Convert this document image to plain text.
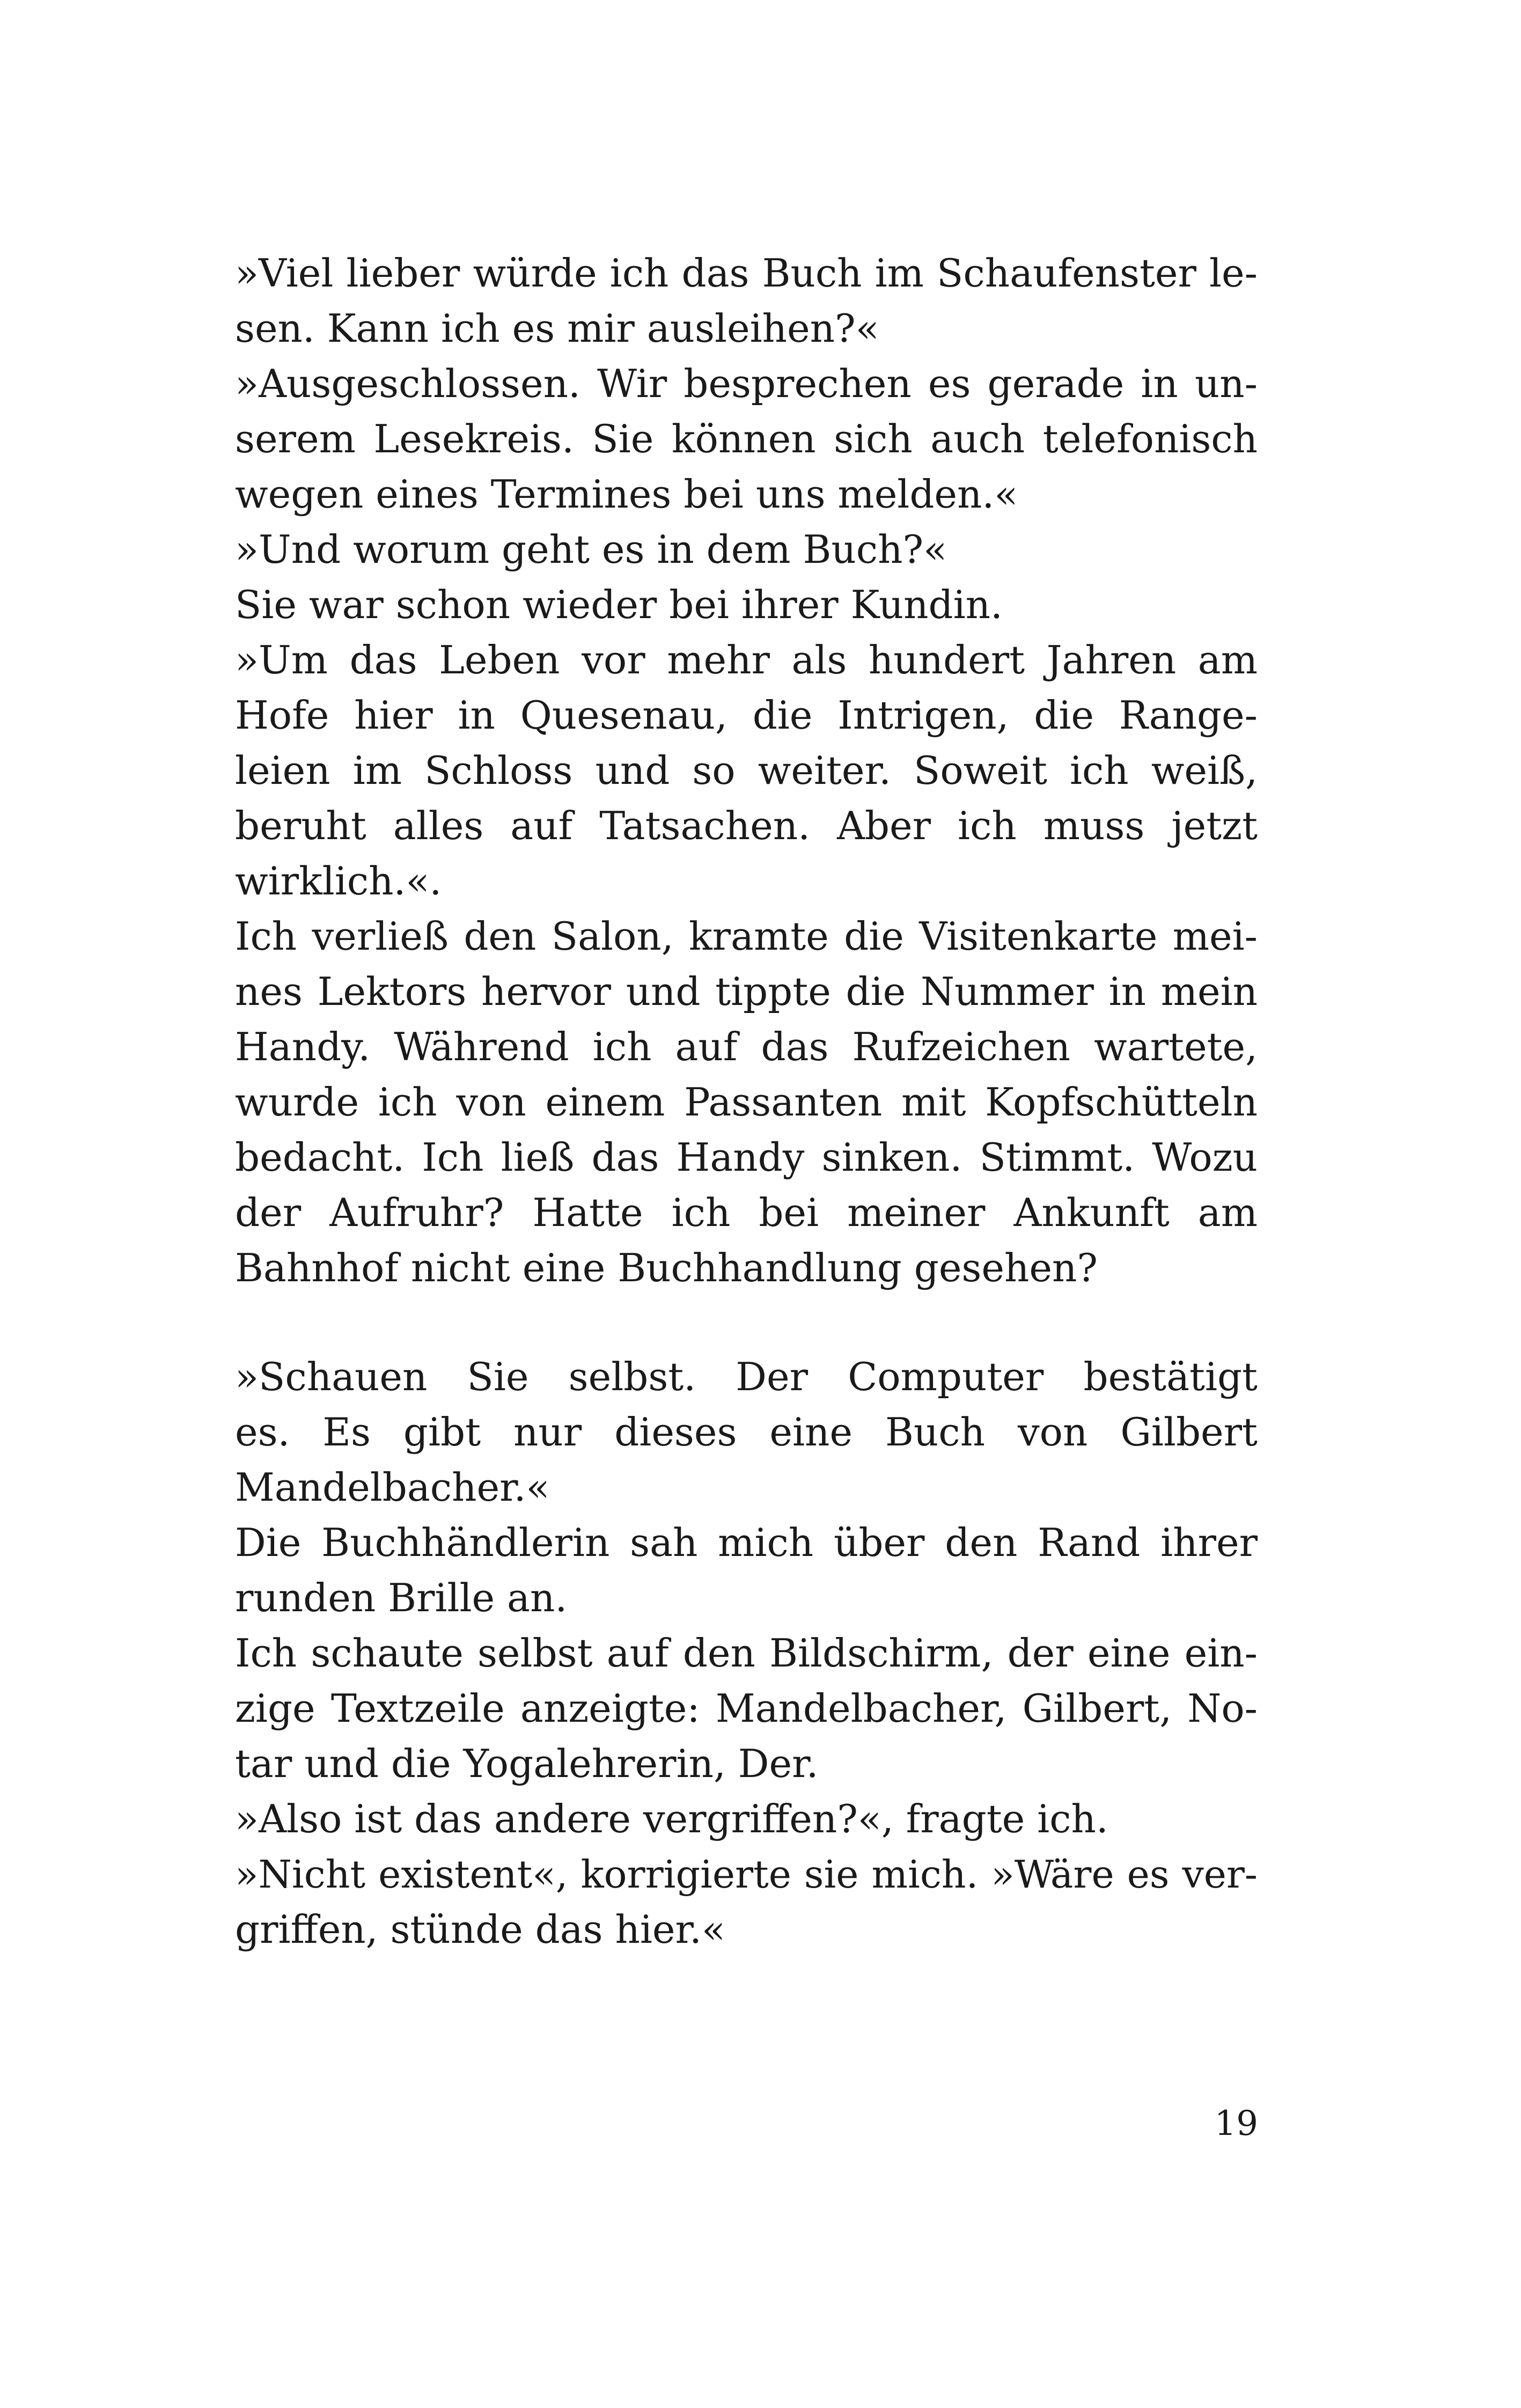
»Viel lieber würde ich das Buch im Schaufenster le-
sen. Kann ich es mir ausleihen?«
»Ausgeschlossen. Wir besprechen es gerade in un-
serem Lesekreis. Sie können sich auch telefonisch
wegen eines Termines bei uns melden.«
»Und worum geht es in dem Buch?«
Sie war schon wieder bei ihrer Kundin.
»Um das Leben vor mehr als hundert Jahren am
Hofe hier in Quesenau, die Intrigen, die Range-
leien im Schloss und so weiter. Soweit ich weiß,
beruht alles auf Tatsachen. Aber ich muss jetzt
wirklich.«.
Ich verließ den Salon, kramte die Visitenkarte mei-
nes Lektors hervor und tippte die Nummer in mein
Handy. Während ich auf das Rufzeichen wartete,
wurde ich von einem Passanten mit Kopfschütteln
bedacht. Ich ließ das Handy sinken. Stimmt. Wozu
der Aufruhr? Hatte ich bei meiner Ankunft am
Bahnhof nicht eine Buchhandlung gesehen?
»Schauen Sie selbst. Der Computer bestätigt
es. Es gibt nur dieses eine Buch von Gilbert
Mandelbacher.«
Die Buchhändlerin sah mich über den Rand ihrer
runden Brille an.
Ich schaute selbst auf den Bildschirm, der eine ein-
zige Textzeile anzeigte: Mandelbacher, Gilbert, No-
tar und die Yogalehrerin, Der.
»Also ist das andere vergriffen?«, fragte ich.
»Nicht existent«, korrigierte sie mich. »Wäre es ver-
griffen, stünde das hier.«
19
